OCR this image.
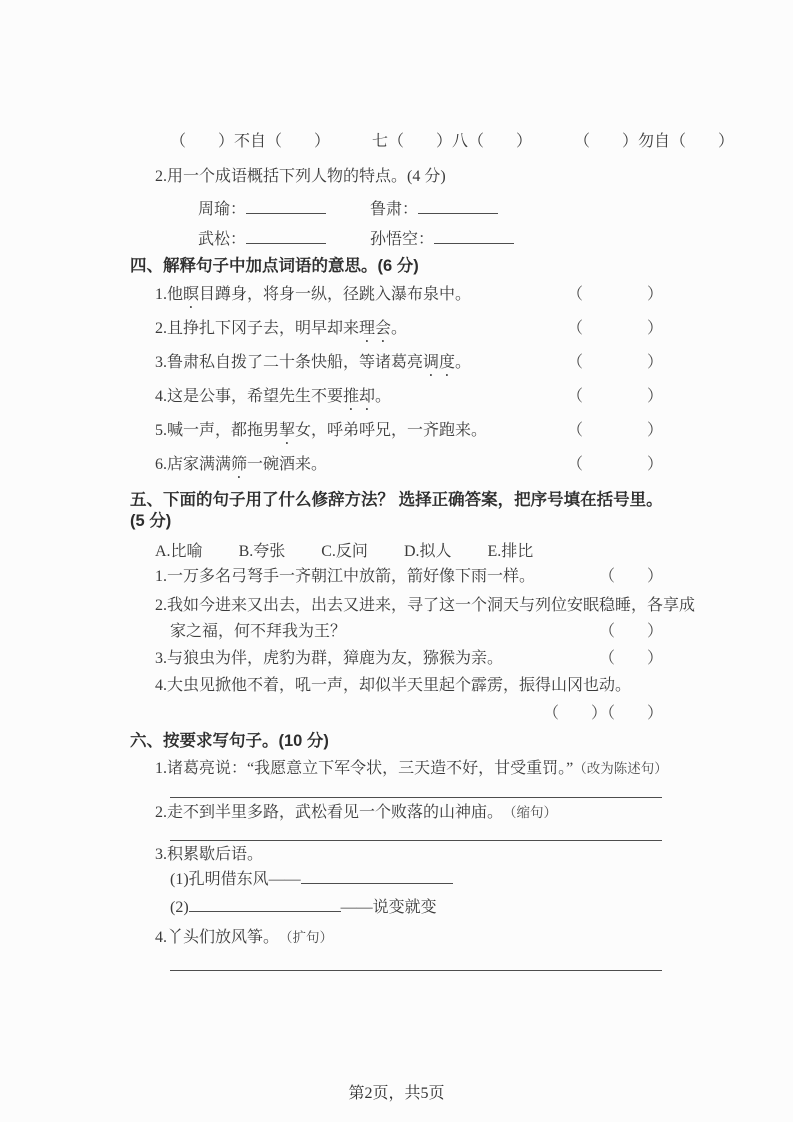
（　　）不自（　　）	七（　　）八（　　）	（　　）勿自（　　）
2.用一个成语概括下列人物的特点。(4 分)
周瑜：	鲁肃：
武松：	孙悟空：
四、解释句子中加点词语的意思。(6 分)
1.他瞑目蹲身，将身一纵，径跳入瀑布泉中。	（　　　　）
2.且挣扎下冈子去，明早却来理会。	（　　　　）
3.鲁肃私自拨了二十条快船，等诸葛亮调度。	（　　　　）
4.这是公事，希望先生不要推却。	（　　　　）
5.喊一声，都拖男挈女，呼弟呼兄，一齐跑来。	（　　　　）
6.店家满满筛一碗酒来。	（　　　　）
五、下面的句子用了什么修辞方法？ 选择正确答案，把序号填在括号里。(5 分)
A.比喻 B.夸张 C.反问 D.拟人 E.排比
1.一万多名弓弩手一齐朝江中放箭，箭好像下雨一样。	（　　）
2.我如今进来又出去，出去又进来，寻了这一个洞天与列位安眠稳睡，各享成
家之福，何不拜我为王？	（　　）
3.与狼虫为伴，虎豹为群，獐鹿为友，猕猴为亲。	（　　）
4.大虫见掀他不着，吼一声，却似半天里起个霹雳，振得山冈也动。
（　　）（　　）
六、按要求写句子。(10 分)
1.诸葛亮说：“我愿意立下军令状，三天造不好，甘受重罚。” （改为陈述句）
2.走不到半里多路，武松看见一个败落的山神庙。 （缩句）
3.积累歇后语。
(1)孔明借东风——
(2)	——说变就变
4.丫头们放风筝。 （扩句）
第2页，共5页
